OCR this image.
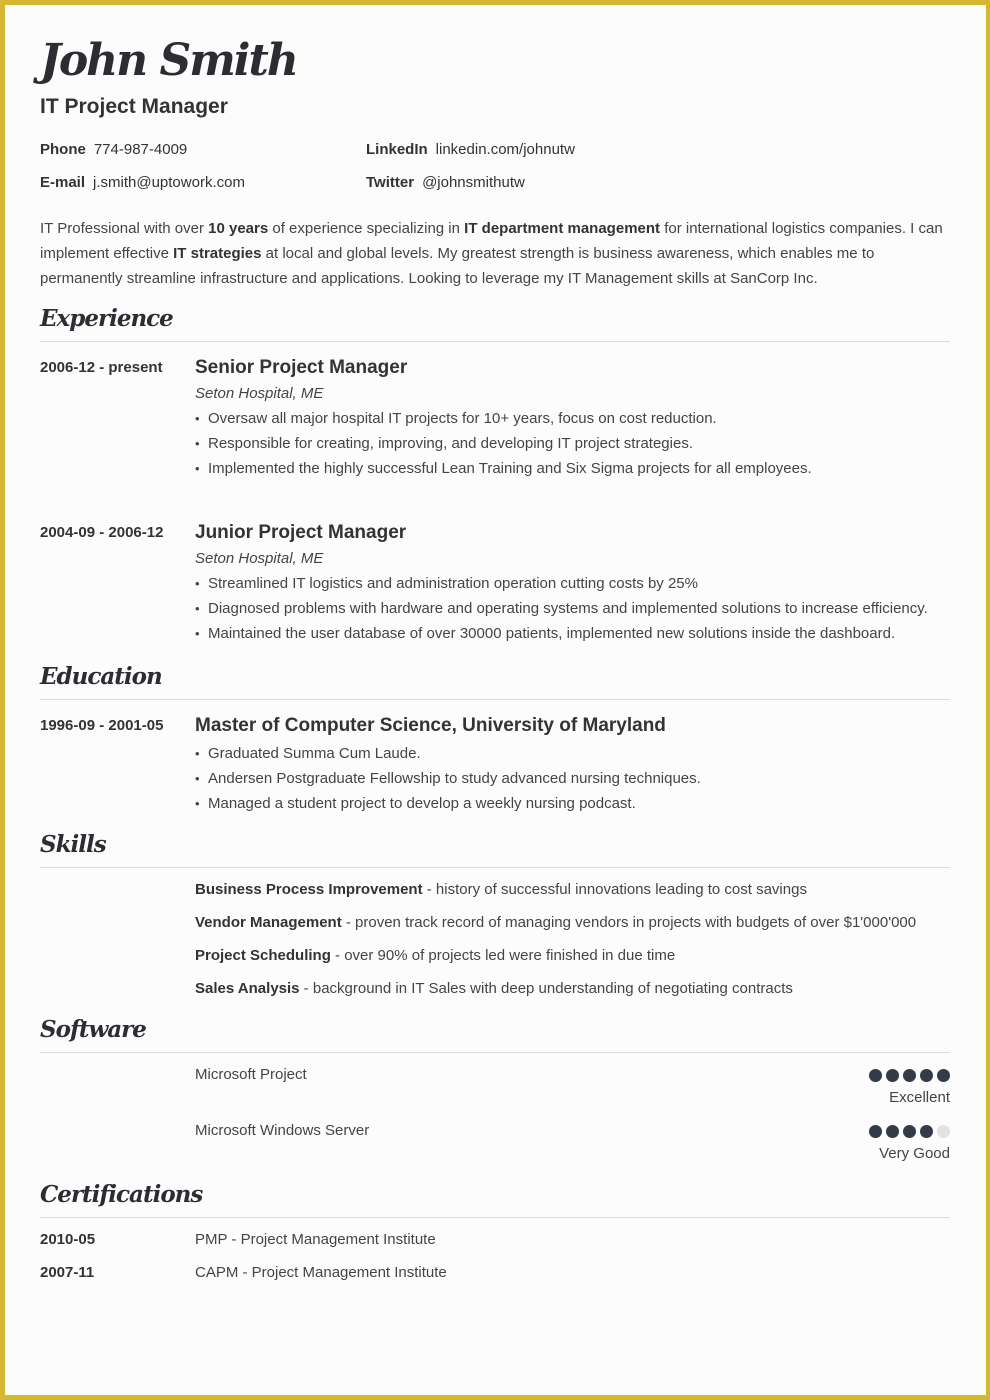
John Smith
IT Project Manager
Phone 774-987-4009	LinkedIn linkedin.com/johnutw
E-mail j.smith@uptowork.com	Twitter @johnsmithutw
IT Professional with over 10 years of experience specializing in IT department management for international logistics companies. I can implement effective IT strategies at local and global levels. My greatest strength is business awareness, which enables me to permanently streamline infrastructure and applications. Looking to leverage my IT Management skills at SanCorp Inc.
Experience
2006-12 - present Senior Project Manager
Seton Hospital, ME
• Oversaw all major hospital IT projects for 10+ years, focus on cost reduction.
• Responsible for creating, improving, and developing IT project strategies.
• Implemented the highly successful Lean Training and Six Sigma projects for all employees.
2004-09 - 2006-12 Junior Project Manager
Seton Hospital, ME
• Streamlined IT logistics and administration operation cutting costs by 25%
• Diagnosed problems with hardware and operating systems and implemented solutions to increase efficiency.
• Maintained the user database of over 30000 patients, implemented new solutions inside the dashboard.
Education
1996-09 - 2001-05 Master of Computer Science, University of Maryland
• Graduated Summa Cum Laude.
• Andersen Postgraduate Fellowship to study advanced nursing techniques.
• Managed a student project to develop a weekly nursing podcast.
Skills
Business Process Improvement - history of successful innovations leading to cost savings
Vendor Management - proven track record of managing vendors in projects with budgets of over $1'000'000
Project Scheduling - over 90% of projects led were finished in due time
Sales Analysis - background in IT Sales with deep understanding of negotiating contracts
Software
Microsoft Project
Excellent
Microsoft Windows Server
Very Good
Certifications
2010-05	PMP - Project Management Institute
2007-11	CAPM - Project Management Institute
